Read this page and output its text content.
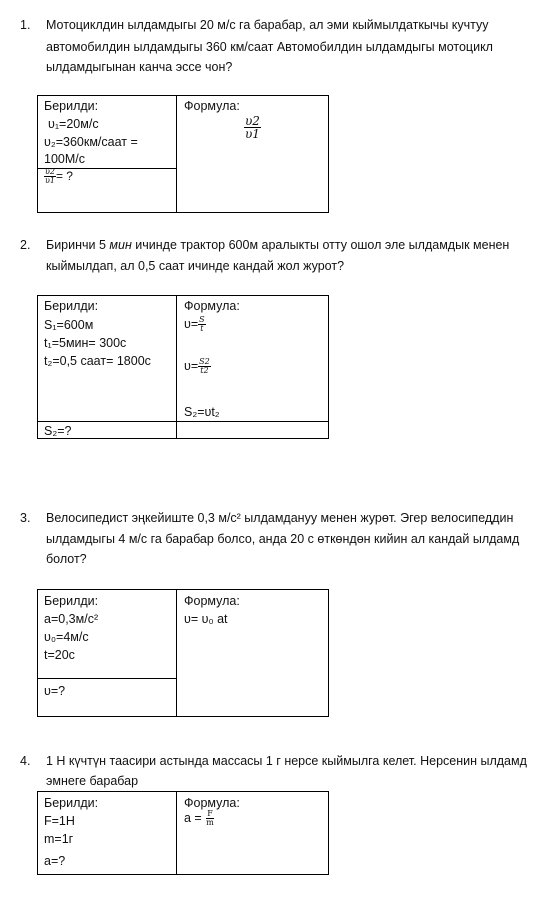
1. Мотоциклдин ылдамдыгы 20 м/с га барабар, ал эми кыймылдаткычы кучтуу
автомобилдин ылдамдыгы 360 км/саат Автомобилдин ылдамдыгы мотоцикл
ылдамдыгынан канча эссе чон?
Берилди:
υ₁=20м/с
υ₂=360км/саат =
100М/с
$\frac{\upsilon 2}{\upsilon 1}$ = ?
Формула:
$\frac{\upsilon 2}{\upsilon 1}$
2. Биринчи 5 мин ичинде трактор 600м аралыкты отту ошол эле ылдамдык менен
кыймылдап, ал 0,5 саат ичинде кандай жол журот?
Берилди:
S₁=600м
t₁=5мин= 300с
t₂=0,5 саат= 1800с
S₂=?
Формула:
$\upsilon= \frac{S}{t}$
$\upsilon= \frac{S2}{t2}$
S₂=υt₂
3. Велосипедист эңкейиште 0,3 м/с² ылдамдануу менен журөт. Эгер велосипеддин
ылдамдыгы 4 м/с га барабар болсо, анда 20 с өткөндөн кийин ал кандай ылдамд
болот?
Берилди:
а=0,3м/с²
υ₀=4м/с
t=20с
υ=?
Формула:
υ= υ₀ at
4. 1 Н күчтүн таасири астында массасы 1 г нерсе кыймылга келет. Нерсенин ылдамд
эмнеге барабар
Берилди:
F=1Н
m=1г
a=?
Формула:
$a = \frac{F}{m}$
